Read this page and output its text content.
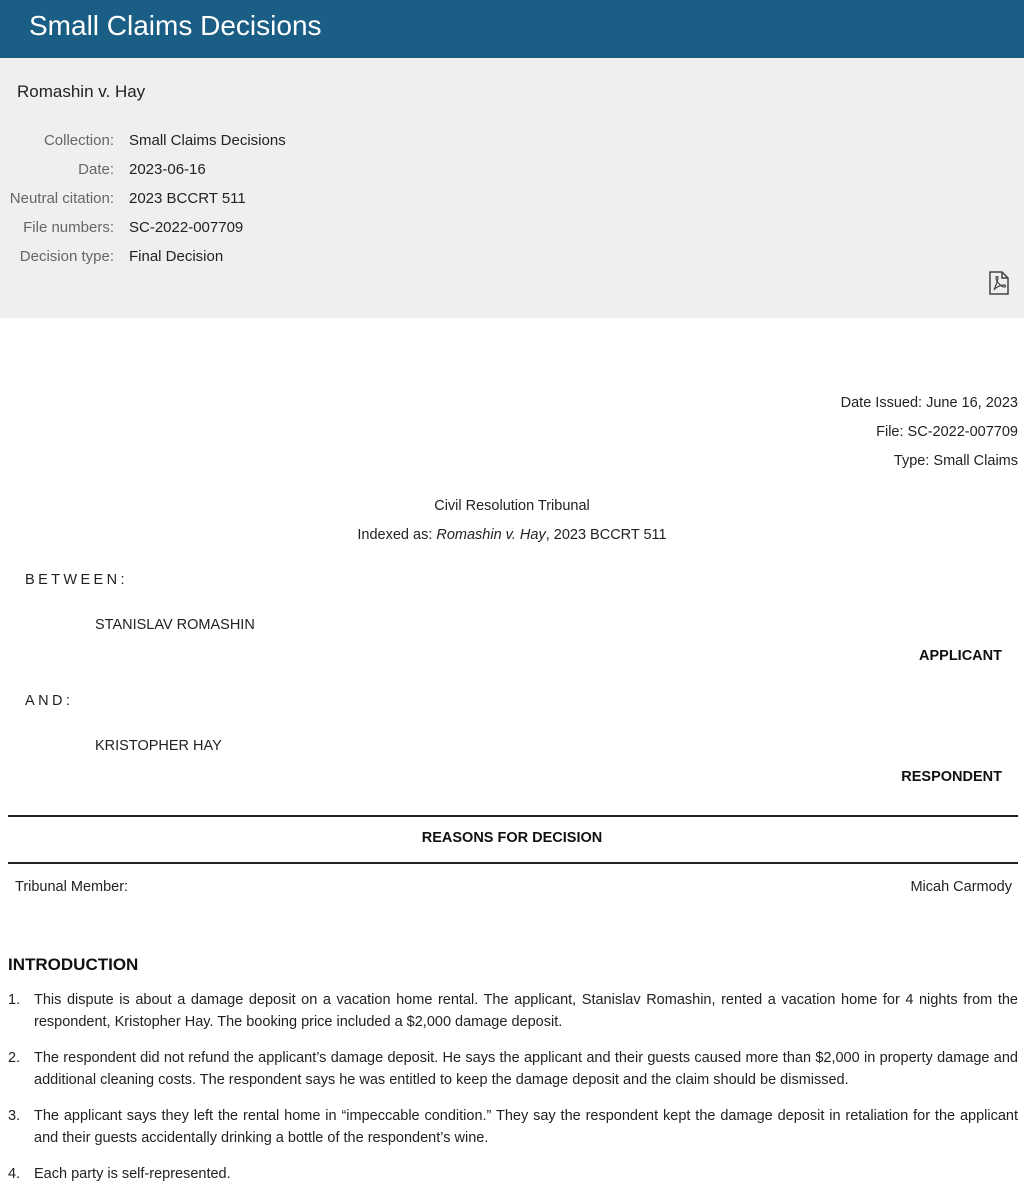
Small Claims Decisions
Romashin v. Hay
Collection: Small Claims Decisions
Date: 2023-06-16
Neutral citation: 2023 BCCRT 511
File numbers: SC-2022-007709
Decision type: Final Decision
Date Issued: June 16, 2023
File: SC-2022-007709
Type: Small Claims
Civil Resolution Tribunal
Indexed as: Romashin v. Hay, 2023 BCCRT 511
BETWEEN:
STANISLAV ROMASHIN
APPLICANT
AND:
KRISTOPHER HAY
RESPONDENT
REASONS FOR DECISION
Tribunal Member:	Micah Carmody
INTRODUCTION
1. This dispute is about a damage deposit on a vacation home rental. The applicant, Stanislav Romashin, rented a vacation home for 4 nights from the respondent, Kristopher Hay. The booking price included a $2,000 damage deposit.
2. The respondent did not refund the applicant’s damage deposit. He says the applicant and their guests caused more than $2,000 in property damage and additional cleaning costs. The respondent says he was entitled to keep the damage deposit and the claim should be dismissed.
3. The applicant says they left the rental home in “impeccable condition.” They say the respondent kept the damage deposit in retaliation for the applicant and their guests accidentally drinking a bottle of the respondent’s wine.
4. Each party is self-represented.
